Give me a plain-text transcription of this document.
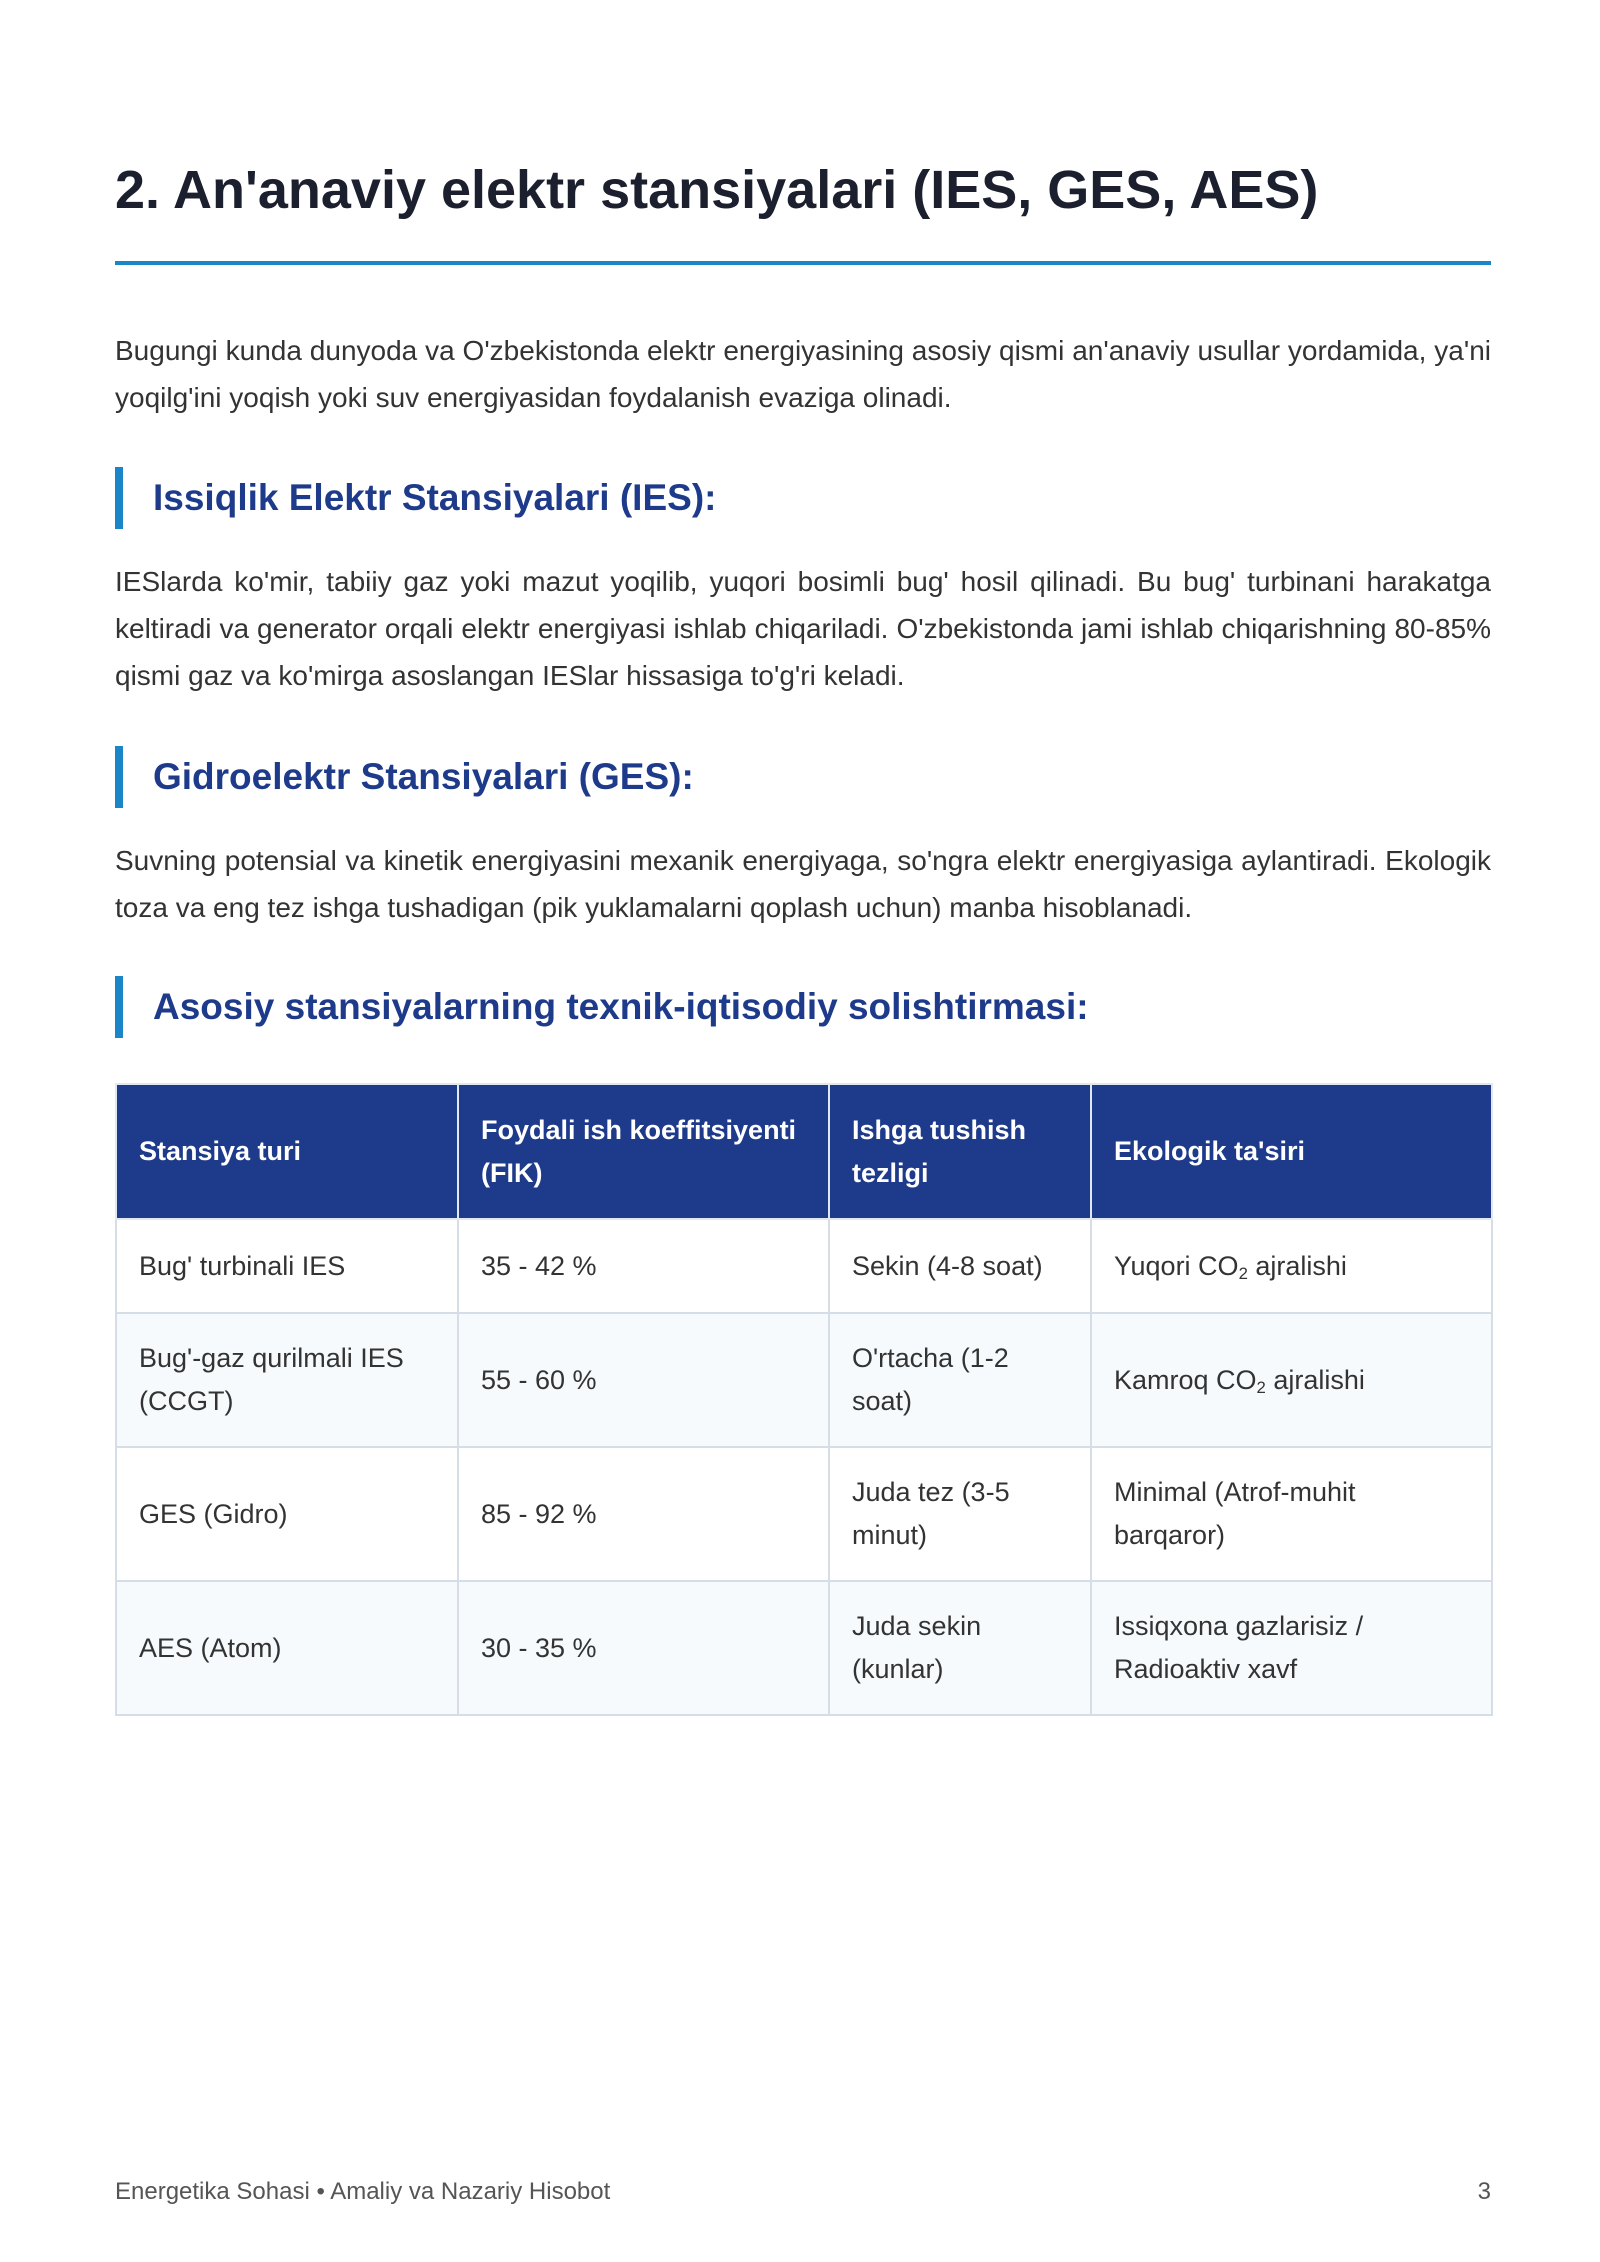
2. An'anaviy elektr stansiyalari (IES, GES, AES)

Bugungi kunda dunyoda va O'zbekistonda elektr energiyasining asosiy qismi an'anaviy usullar yordamida, ya'ni yoqilg'ini yoqish yoki suv energiyasidan foydalanish evaziga olinadi.

Issiqlik Elektr Stansiyalari (IES):

IESlarda ko'mir, tabiiy gaz yoki mazut yoqilib, yuqori bosimli bug' hosil qilinadi. Bu bug' turbinani harakatga keltiradi va generator orqali elektr energiyasi ishlab chiqariladi. O'zbekistonda jami ishlab chiqarishning 80-85% qismi gaz va ko'mirga asoslangan IESlar hissasiga to'g'ri keladi.

Gidroelektr Stansiyalari (GES):

Suvning potensial va kinetik energiyasini mexanik energiyaga, so'ngra elektr energiyasiga aylantiradi. Ekologik toza va eng tez ishga tushadigan (pik yuklamalarni qoplash uchun) manba hisoblanadi.

Asosiy stansiyalarning texnik-iqtisodiy solishtirmasi:
Stansiya turi	Foydali ish koeffitsiyenti (FIK)	Ishga tushish tezligi	Ekologik ta'siri
Bug' turbinali IES	35 - 42 %	Sekin (4-8 soat)	Yuqori $CO_2$ ajralishi
Bug'-gaz qurilmali IES (CCGT)	55 - 60 %	O'rtacha (1-2 soat)	Kamroq $CO_2$ ajralishi
GES (Gidro)	85 - 92 %	Juda tez (3-5 minut)	Minimal (Atrof-muhit barqaror)
AES (Atom)	30 - 35 %	Juda sekin (kunlar)	Issiqxona gazlarisiz / Radioaktiv xavf
Energetika Sohasi • Amaliy va Nazariy Hisobot	3
